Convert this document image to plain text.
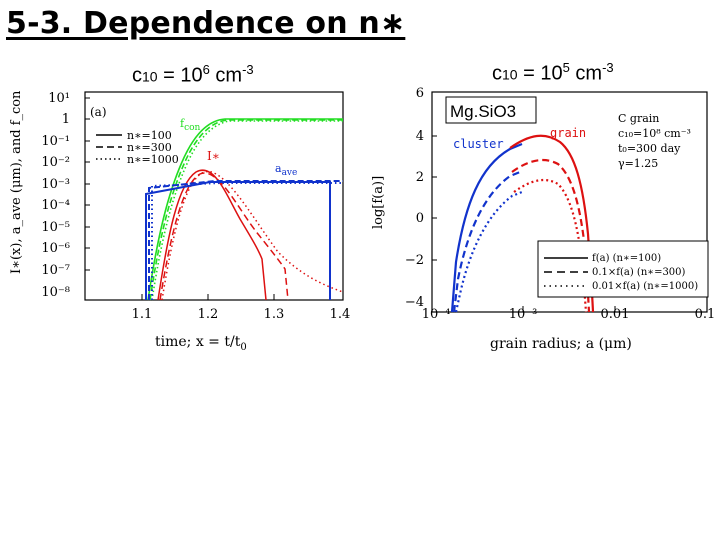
5-3. Dependence on n∗
$c10 = 10^6$ $cm^{-3}$	$c10 = 10^5$ $cm^{-3}$
I∗(x), a_ave (μm), and f_con 10¹
1
10⁻¹
10⁻²
10⁻³
10⁻⁴
10⁻⁵
10⁻⁶
10⁻⁷
10⁻⁸
1.1	1.2	1.3	1.4
time; $x = t/t_0$
(a)
n∗=100
n∗=300
n∗=1000
$f_{con}$
I∗
$a_{ave}$
Mg.SiO3
log[f(a)]
6
4
2
0
−2
−4
10⁻⁴	10⁻³	0.01	0.1
grain radius; a (μm)
C grain
c₁₀=10⁸ cm⁻³
t₀=300 day
γ=1.25
cluster
grain
f(a) (n∗=100)
0.1×f(a) (n∗=300)
0.01×f(a) (n∗=1000)
